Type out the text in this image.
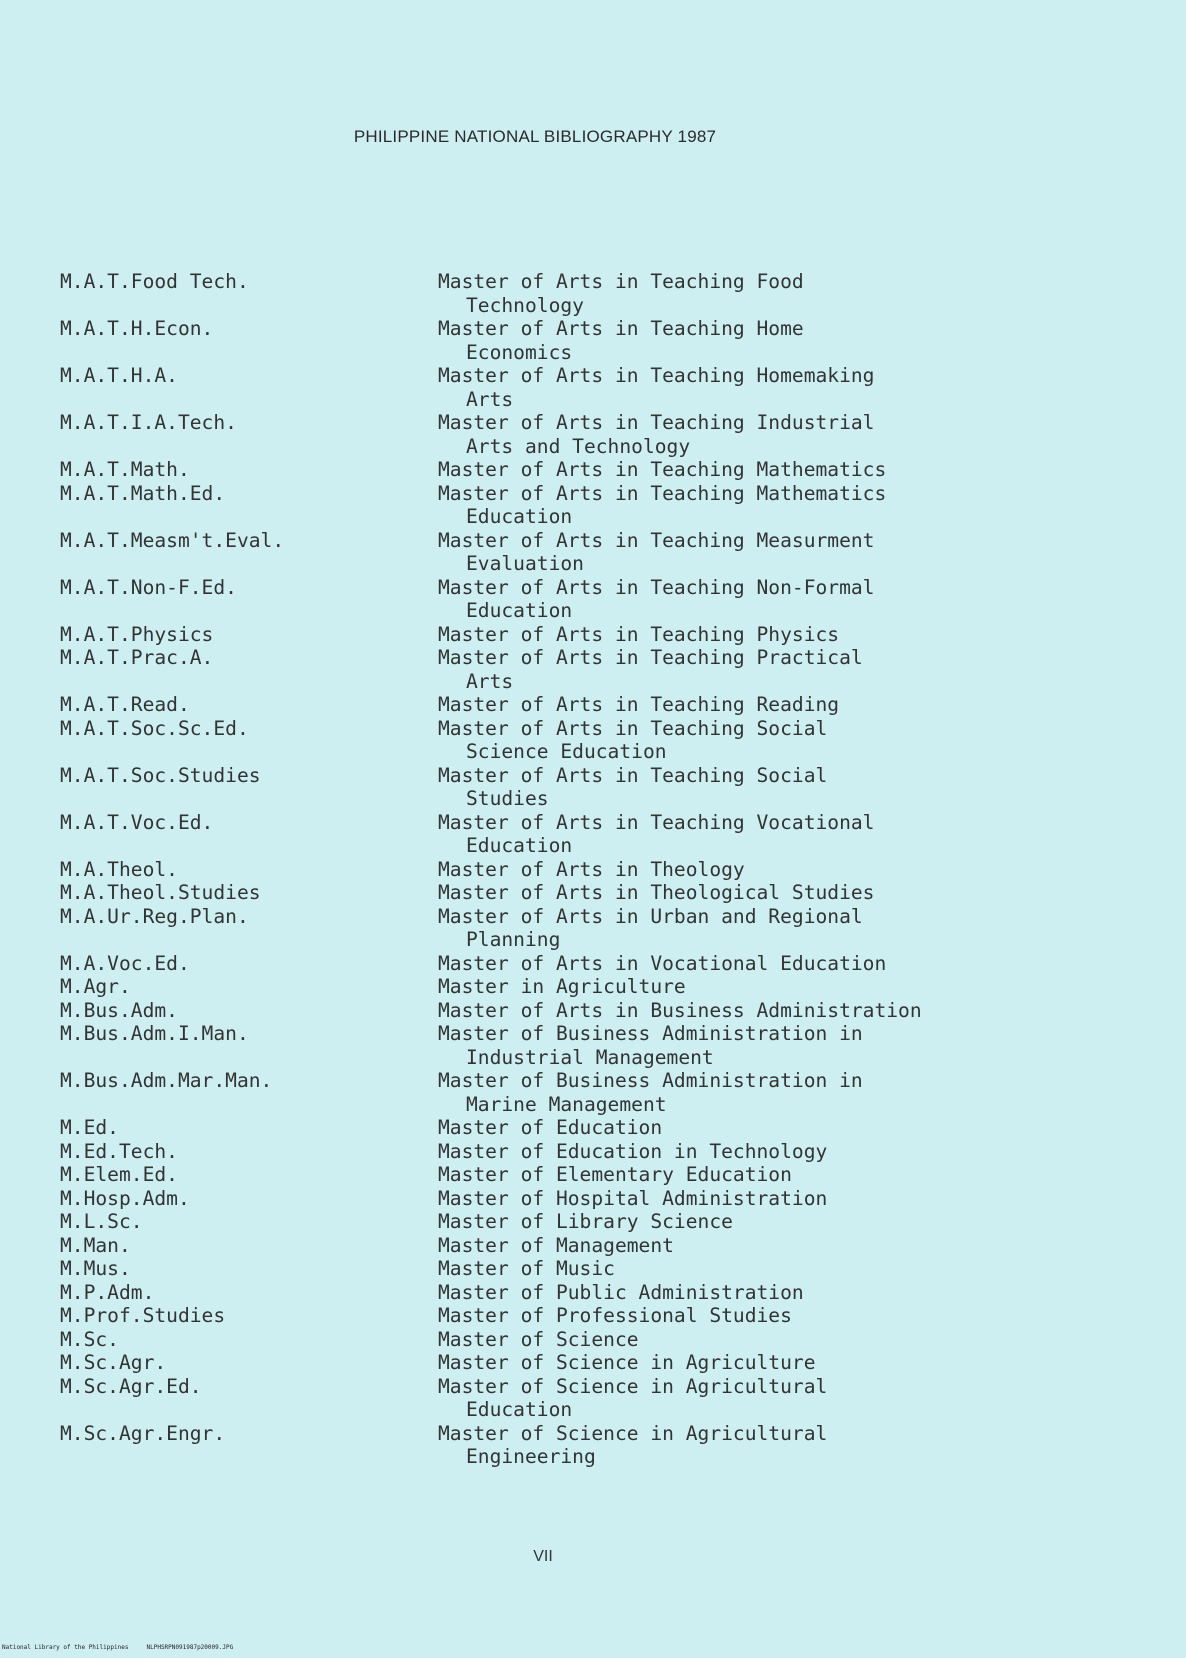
PHILIPPINE NATIONAL BIBLIOGRAPHY 1987
M.A.T.Food Tech.	Master of Arts in Teaching Food
Technology
M.A.T.H.Econ.	Master of Arts in Teaching Home
Economics
M.A.T.H.A.	Master of Arts in Teaching Homemaking
Arts
M.A.T.I.A.Tech.	Master of Arts in Teaching Industrial
Arts and Technology
M.A.T.Math.	Master of Arts in Teaching Mathematics
M.A.T.Math.Ed.	Master of Arts in Teaching Mathematics
Education
M.A.T.Measm't.Eval.	Master of Arts in Teaching Measurment
Evaluation
M.A.T.Non-F.Ed.	Master of Arts in Teaching Non-Formal
Education
M.A.T.Physics	Master of Arts in Teaching Physics
M.A.T.Prac.A.	Master of Arts in Teaching Practical
Arts
M.A.T.Read.	Master of Arts in Teaching Reading
M.A.T.Soc.Sc.Ed.	Master of Arts in Teaching Social
Science Education
M.A.T.Soc.Studies	Master of Arts in Teaching Social
Studies
M.A.T.Voc.Ed.	Master of Arts in Teaching Vocational
Education
M.A.Theol.	Master of Arts in Theology
M.A.Theol.Studies	Master of Arts in Theological Studies
M.A.Ur.Reg.Plan.	Master of Arts in Urban and Regional
Planning
M.A.Voc.Ed.	Master of Arts in Vocational Education
M.Agr.	Master in Agriculture
M.Bus.Adm.	Master of Arts in Business Administration
M.Bus.Adm.I.Man.	Master of Business Administration in
Industrial Management
M.Bus.Adm.Mar.Man.	Master of Business Administration in
Marine Management
M.Ed.	Master of Education
M.Ed.Tech.	Master of Education in Technology
M.Elem.Ed.	Master of Elementary Education
M.Hosp.Adm.	Master of Hospital Administration
M.L.Sc.	Master of Library Science
M.Man.	Master of Management
M.Mus.	Master of Music
M.P.Adm.	Master of Public Administration
M.Prof.Studies	Master of Professional Studies
M.Sc.	Master of Science
M.Sc.Agr.	Master of Science in Agriculture
M.Sc.Agr.Ed.	Master of Science in Agricultural
Education
M.Sc.Agr.Engr.	Master of Science in Agricultural
Engineering
VII
National Library of the Philippines     NLPHSRPN091987p20009.JPG
